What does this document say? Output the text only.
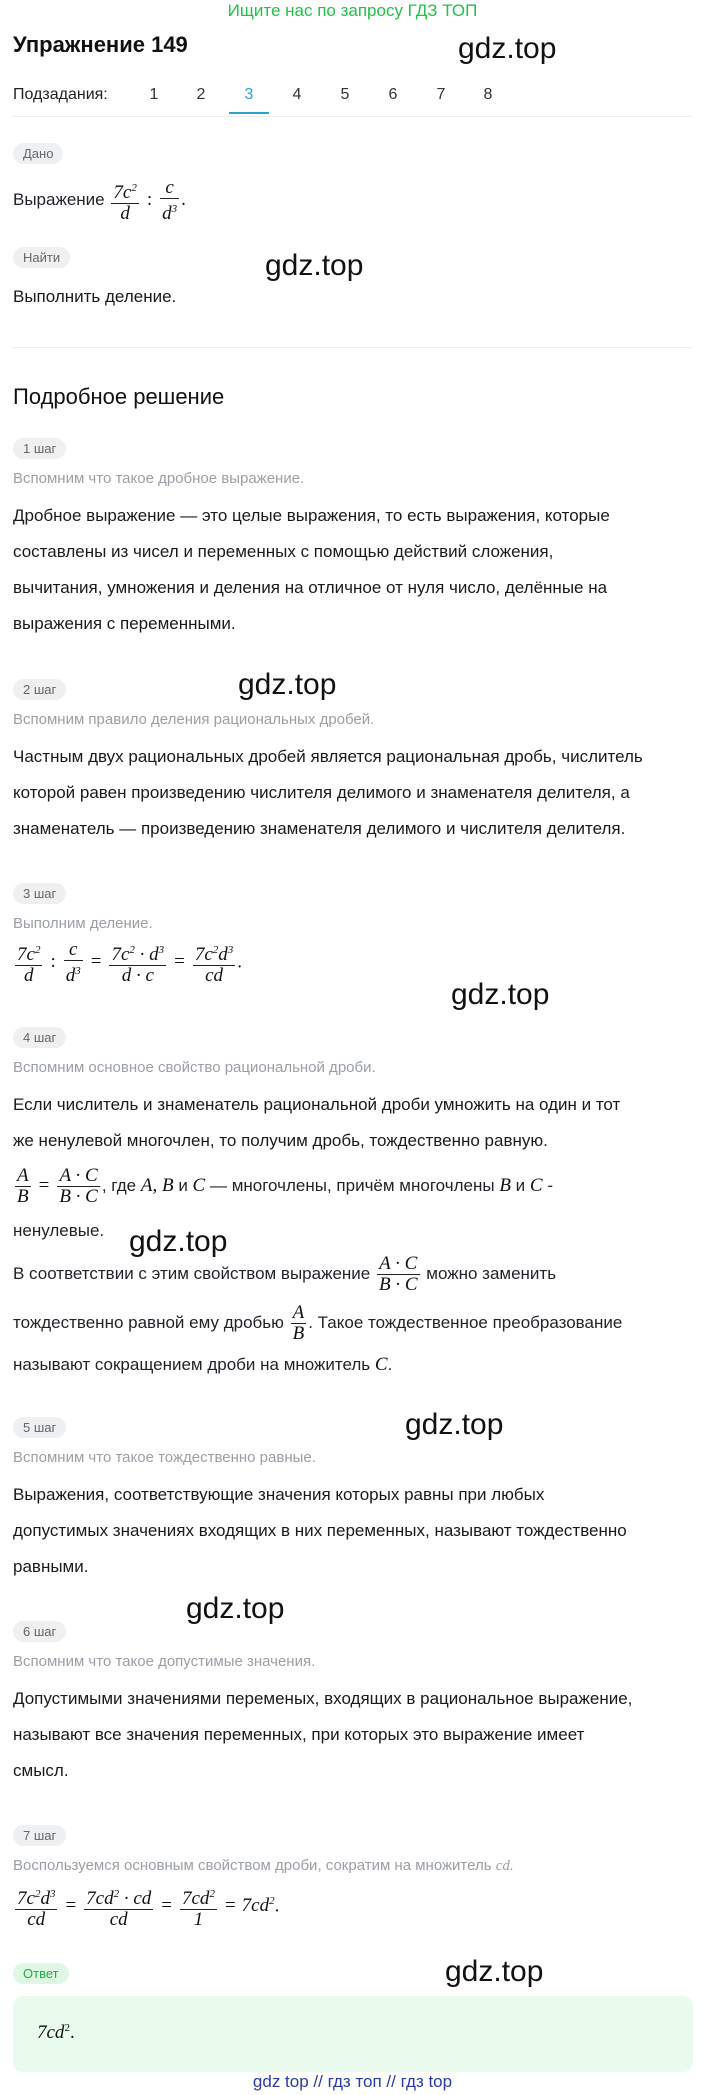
Ищите нас по запросу ГДЗ ТОП
Упражнение 149	gdz.top
gdz.top
gdz.top
gdz.top
gdz.top
gdz.top
gdz.top
gdz.top
Подзадания:	1	2	3	4	5	6	7	8
Дано
Выражение $\frac{7c^2}{d}$ : $\frac{c}{d^3}$ .
Найти
Выполнить деление.
Подробное решение
1 шаг
Вспомним что такое дробное выражение.
Дробное выражение — это целые выражения, то есть выражения, которые
составлены из чисел и переменных с помощью действий сложения,
вычитания, умножения и деления на отличное от нуля число, делённые на
выражения с переменными.
2 шаг
Вспомним правило деления рациональных дробей.
Частным двух рациональных дробей является рациональная дробь, числитель
которой равен произведению числителя делимого и знаменателя делителя, а
знаменатель — произведению знаменателя делимого и числителя делителя.
3 шаг
Выполним деление.
$\frac{7c^2}{d}$ : $\frac{c}{d^3} = \frac{7c^2 \cdot d^3}{d \cdot c} = \frac{7c^2d^3}{cd}$ .
4 шаг
Вспомним основное свойство рациональной дроби.
Если числитель и знаменатель рациональной дроби умножить на один и тот
же ненулевой многочлен, то получим дробь, тождественно равную.
$\frac{A}{B} = \frac{A \cdot C}{B \cdot C}$ , где A, B и C — многочлены, причём многочлены B и C -
ненулевые.
В соответствии с этим свойством выражение $\frac{A \cdot C}{B \cdot C}$ можно заменить
тождественно равной ему дробью $\frac{A}{B}$ . Такое тождественное преобразование
называют сокращением дроби на множитель C.
5 шаг
Вспомним что такое тождественно равные.
Выражения, соответствующие значения которых равны при любых
допустимых значениях входящих в них переменных, называют тождественно
равными.
6 шаг
Вспомним что такое допустимые значения.
Допустимыми значениями переменых, входящих в рациональное выражение,
называют все значения переменных, при которых это выражение имеет
смысл.
7 шаг
Воспользуемся основным свойством дроби, сократим на множитель cd.
$\frac{7c^2d^3}{cd} = \frac{7cd^2 \cdot cd}{cd} = \frac{7cd^2}{1} = 7cd^2$.
Ответ
$7cd^2$.
gdz top // гдз топ // гдз top
